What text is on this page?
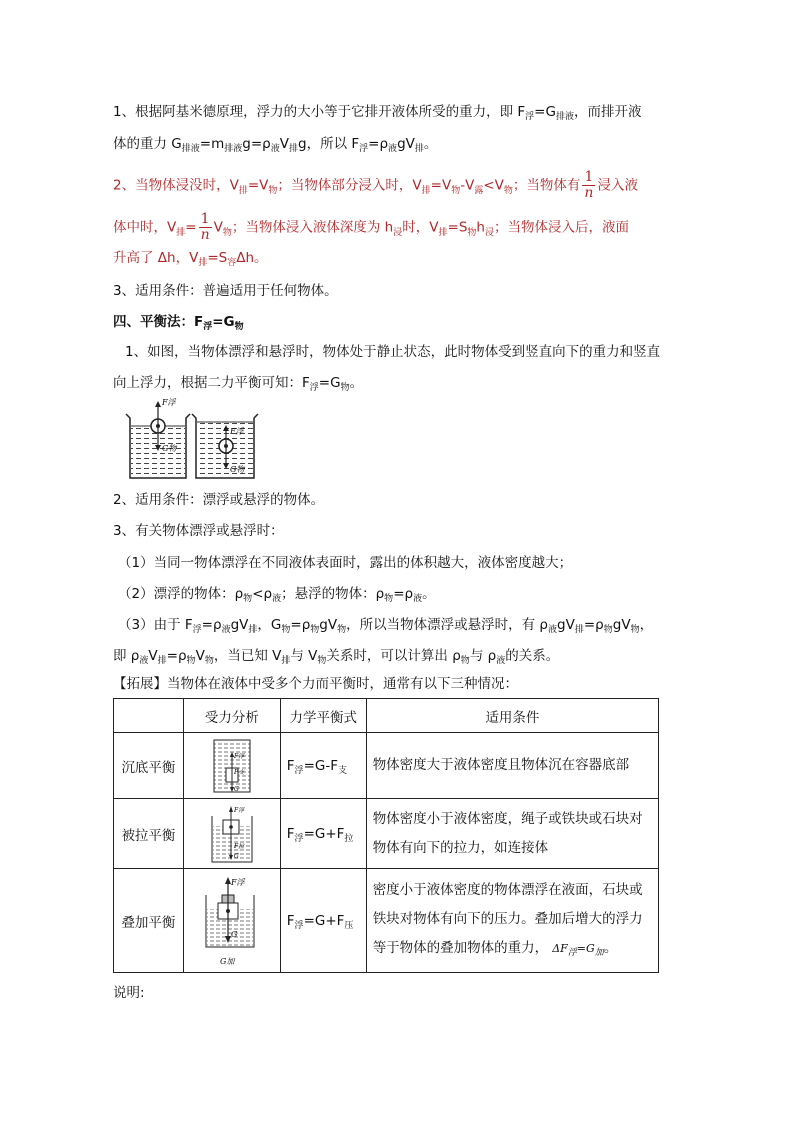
1、根据阿基米德原理，浮力的大小等于它排开液体所受的重力，即 $F_浮=G_{排液}$，而排开液
体的重力 $G_{排液}=m_{排液}g=\rho_液V_排g$，所以 $F_浮=\rho_液gV_排$。
2、当物体浸没时，$V_排=V_物$；当物体部分浸入时，$V_排=V_物-V_露<V_物$；当物体有 $\frac{1}{n}$ 浸入液
体中时，$V_排= \frac{1}{n} V_物$；当物体浸入液体深度为 $h_浸$时，$V_排=S_物h_浸$；当物体浸入后，液面
升高了 Δh，$V_排=S_容\Delta h$。
3、适用条件：普遍适用于任何物体。
四、平衡法：$F_浮=G_物$
1、如图，当物体漂浮和悬浮时，物体处于静止状态，此时物体受到竖直向下的重力和竖直
向上浮力，根据二力平衡可知：$F_浮=G_物$。
F浮
G物
F浮
G物
2、适用条件：漂浮或悬浮的物体。
3、有关物体漂浮或悬浮时：
（1）当同一物体漂浮在不同液体表面时，露出的体积越大，液体密度越大；
（2）漂浮的物体：$\rho_物<\rho_液$；悬浮的物体：$\rho_物=\rho_液$。
（3）由于 $F_浮=\rho_液gV_排$，$G_物=\rho_物gV_物$，所以当物体漂浮或悬浮时，有 $\rho_液gV_排=\rho_物gV_物$，
即 $\rho_液V_排=\rho_物V_物$，当已知 $V_排$与 $V_物$关系时，可以计算出 $\rho_物$与 $\rho_液$的关系。
【拓展】当物体在液体中受多个力而平衡时，通常有以下三种情况：
	受力分析	力学平衡式	适用条件
沉底平衡	F浮
F支
G	$F_浮=G-F_支$	物体密度大于液体密度且物体沉在容器底部
被拉平衡	F浮
F拉
G	$F_浮=G+F_拉$	物体密度小于液体密度，绳子或铁块或石块对物体有向下的拉力，如连接体
叠加平衡	F浮
G
G加	$F_浮=G+F_压$	密度小于液体密度的物体漂浮在液面，石块或铁块对物体有向下的压力。叠加后增大的浮力等于物体的叠加物体的重力， $\Delta F_浮=G_加$。
说明:
